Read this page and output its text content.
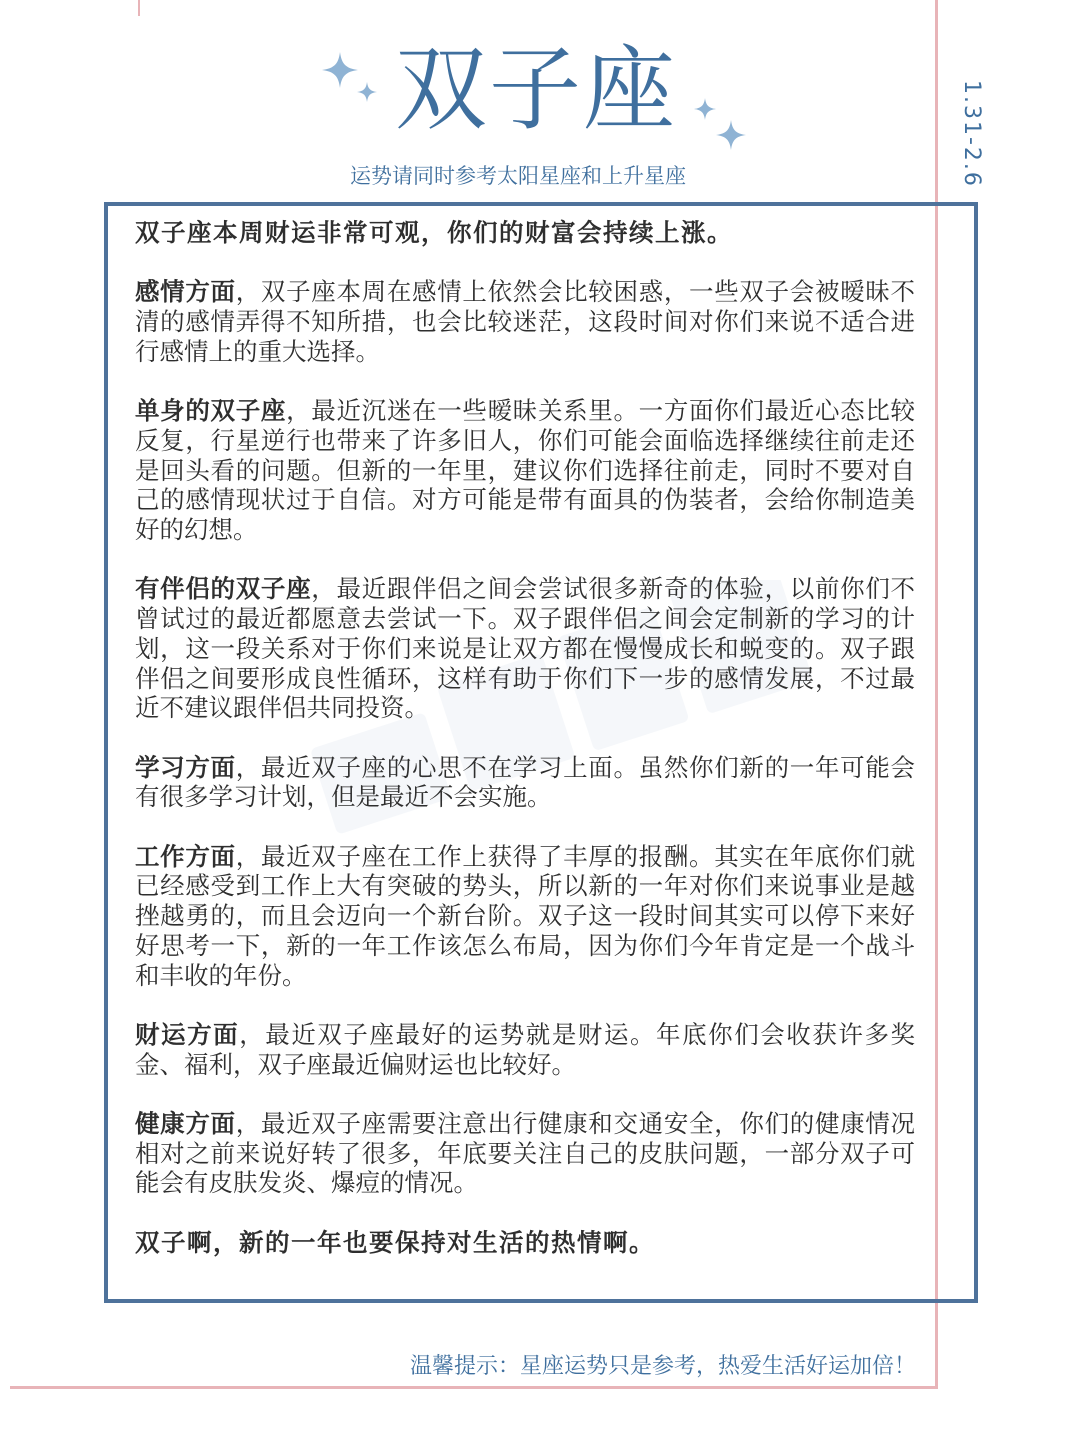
双子座
运势请同时参考太阳星座和上升星座	1.31-2.6

双子座本周财运非常可观，你们的财富会持续上涨。

感情方面，双子座本周在感情上依然会比较困惑，一些双子会被暧昧不清的感情弄得不知所措，也会比较迷茫，这段时间对你们来说不适合进行感情上的重大选择。

单身的双子座，最近沉迷在一些暧昧关系里。一方面你们最近心态比较反复，行星逆行也带来了许多旧人，你们可能会面临选择继续往前走还是回头看的问题。但新的一年里，建议你们选择往前走，同时不要对自己的感情现状过于自信。对方可能是带有面具的伪装者，会给你制造美好的幻想。

有伴侣的双子座，最近跟伴侣之间会尝试很多新奇的体验，以前你们不曾试过的最近都愿意去尝试一下。双子跟伴侣之间会定制新的学习的计划，这一段关系对于你们来说是让双方都在慢慢成长和蜕变的。双子跟伴侣之间要形成良性循环，这样有助于你们下一步的感情发展，不过最近不建议跟伴侣共同投资。

学习方面，最近双子座的心思不在学习上面。虽然你们新的一年可能会有很多学习计划，但是最近不会实施。

工作方面，最近双子座在工作上获得了丰厚的报酬。其实在年底你们就已经感受到工作上大有突破的势头，所以新的一年对你们来说事业是越挫越勇的，而且会迈向一个新台阶。双子这一段时间其实可以停下来好好思考一下，新的一年工作该怎么布局，因为你们今年肯定是一个战斗和丰收的年份。

财运方面，最近双子座最好的运势就是财运。年底你们会收获许多奖金、福利，双子座最近偏财运也比较好。

健康方面，最近双子座需要注意出行健康和交通安全，你们的健康情况相对之前来说好转了很多，年底要关注自己的皮肤问题，一部分双子可能会有皮肤发炎、爆痘的情况。

双子啊，新的一年也要保持对生活的热情啊。

温馨提示：星座运势只是参考，热爱生活好运加倍！
